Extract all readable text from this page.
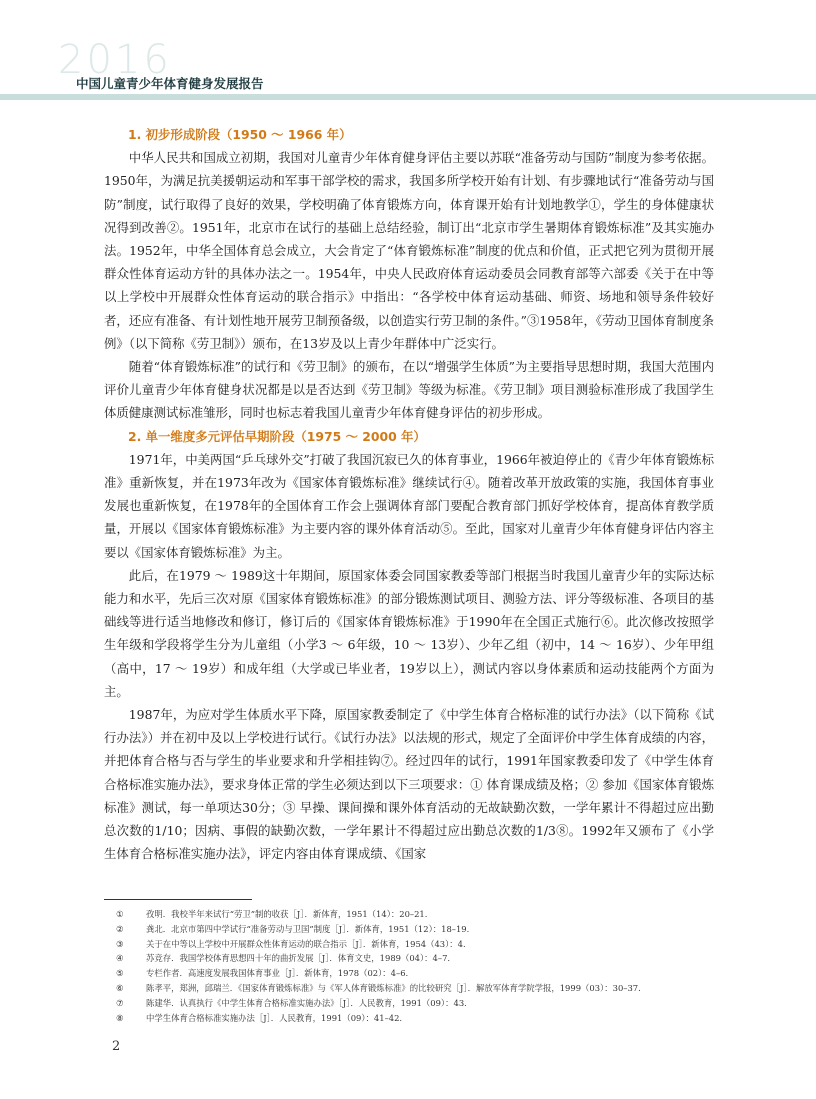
2016
中国儿童青少年体育健身发展报告
1. 初步形成阶段（1950 ～ 1966 年）

中华人民共和国成立初期，我国对儿童青少年体育健身评估主要以苏联“准备劳动与国防”制度为参考依据。1950年，为满足抗美援朝运动和军事干部学校的需求，我国多所学校开始有计划、有步骤地试行“准备劳动与国防”制度，试行取得了良好的效果，学校明确了体育锻炼方向，体育课开始有计划地教学①，学生的身体健康状况得到改善②。1951年，北京市在试行的基础上总结经验，制订出“北京市学生暑期体育锻炼标准”及其实施办法。1952年，中华全国体育总会成立，大会肯定了“体育锻炼标准”制度的优点和价值，正式把它列为贯彻开展群众性体育运动方针的具体办法之一。1954年，中央人民政府体育运动委员会同教育部等六部委《关于在中等以上学校中开展群众性体育运动的联合指示》中指出：“各学校中体育运动基础、师资、场地和领导条件较好者，还应有准备、有计划性地开展劳卫制预备级，以创造实行劳卫制的条件。”③1958年，《劳动卫国体育制度条例》（以下简称《劳卫制》）颁布，在13岁及以上青少年群体中广泛实行。

随着“体育锻炼标准”的试行和《劳卫制》的颁布，在以“增强学生体质”为主要指导思想时期，我国大范围内评价儿童青少年体育健身状况都是以是否达到《劳卫制》等级为标准。《劳卫制》项目测验标准形成了我国学生体质健康测试标准雏形，同时也标志着我国儿童青少年体育健身评估的初步形成。

2. 单一维度多元评估早期阶段（1975 ～ 2000 年）

1971年，中美两国“乒乓球外交”打破了我国沉寂已久的体育事业，1966年被迫停止的《青少年体育锻炼标准》重新恢复，并在1973年改为《国家体育锻炼标准》继续试行④。随着改革开放政策的实施，我国体育事业发展也重新恢复，在1978年的全国体育工作会上强调体育部门要配合教育部门抓好学校体育，提高体育教学质量，开展以《国家体育锻炼标准》为主要内容的课外体育活动⑤。至此，国家对儿童青少年体育健身评估内容主要以《国家体育锻炼标准》为主。

此后，在1979 ～ 1989这十年期间，原国家体委会同国家教委等部门根据当时我国儿童青少年的实际达标能力和水平，先后三次对原《国家体育锻炼标准》的部分锻炼测试项目、测验方法、评分等级标准、各项目的基础线等进行适当地修改和修订，修订后的《国家体育锻炼标准》于1990年在全国正式施行⑥。此次修改按照学生年级和学段将学生分为儿童组（小学3 ～ 6年级，10 ～ 13岁）、少年乙组（初中，14 ～ 16岁）、少年甲组（高中，17 ～ 19岁）和成年组（大学或已毕业者，19岁以上），测试内容以身体素质和运动技能两个方面为主。

1987年，为应对学生体质水平下降，原国家教委制定了《中学生体育合格标准的试行办法》（以下简称《试行办法》）并在初中及以上学校进行试行。《试行办法》以法规的形式，规定了全面评价中学生体育成绩的内容，并把体育合格与否与学生的毕业要求和升学相挂钩⑦。经过四年的试行，1991年国家教委印发了《中学生体育合格标准实施办法》，要求身体正常的学生必须达到以下三项要求：① 体育课成绩及格；② 参加《国家体育锻炼标准》测试，每一单项达30分；③ 早操、课间操和课外体育活动的无故缺勤次数，一学年累计不得超过应出勤总次数的1/10；因病、事假的缺勤次数，一学年累计不得超过应出勤总次数的1/3⑧。1992年又颁布了《小学生体育合格标准实施办法》，评定内容由体育课成绩、《国家

①	孜明．我校半年来试行“劳卫”制的收获［J］．新体育，1951（14）：20–21.
②	龚北．北京市第四中学试行“准备劳动与卫国”制度［J］．新体育，1951（12）：18–19.
③	关于在中等以上学校中开展群众性体育运动的联合指示［J］．新体育，1954（43）：4.
④	苏竞存．我国学校体育思想四十年的曲折发展［J］．体育文史，1989（04）：4–7.
⑤	专栏作者．高速度发展我国体育事业［J］．新体育，1978（02）：4–6.
⑥	陈孝平，郑洲，邱瑞兰．《国家体育锻炼标准》与《军人体育锻炼标准》的比较研究［J］．解放军体育学院学报，1999（03）：30–37.
⑦	陈建华．认真执行《中学生体育合格标准实施办法》［J］．人民教育，1991（09）：43.
⑧	中学生体育合格标准实施办法［J］．人民教育，1991（09）：41–42.
2
